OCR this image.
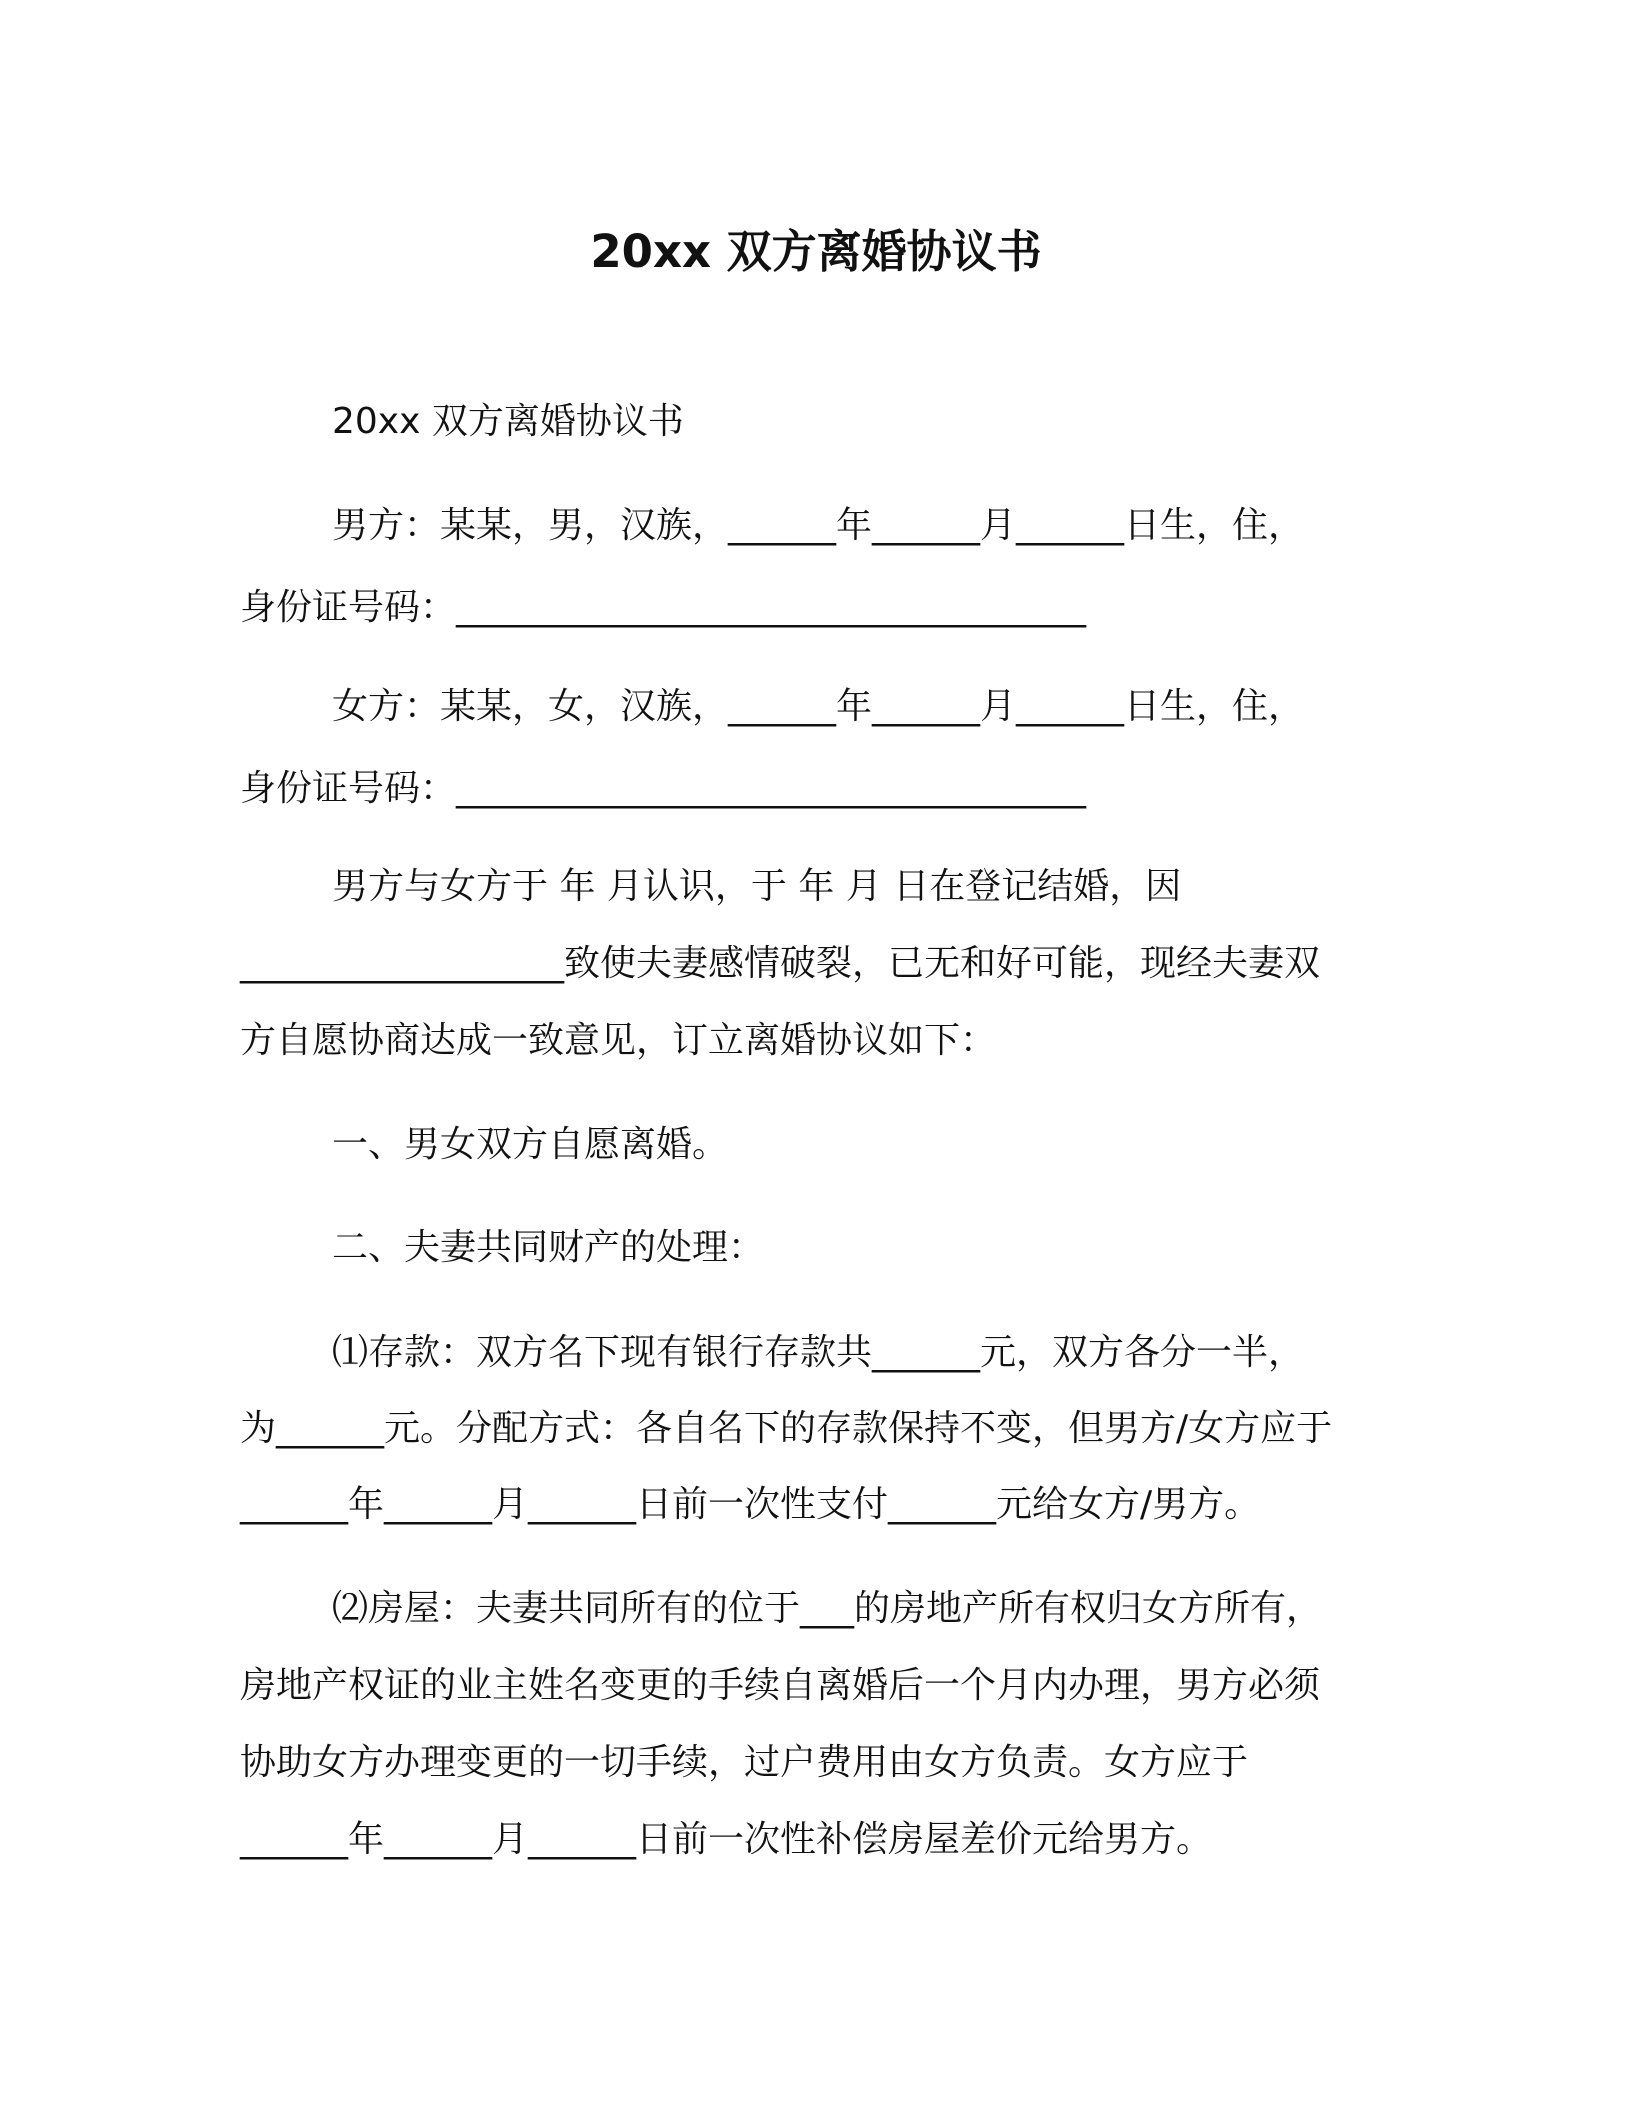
20xx 双方离婚协议书
20xx 双方离婚协议书
男方：某某，男，汉族，______年______月______日生，住，
身份证号码：___________________________________
女方：某某，女，汉族，______年______月______日生，住，
身份证号码：___________________________________
男方与女方于 年 月认识，于 年 月 日在登记结婚，因
__________________致使夫妻感情破裂，已无和好可能，现经夫妻双
方自愿协商达成一致意见，订立离婚协议如下：
一、男女双方自愿离婚。
二、夫妻共同财产的处理：
⑴存款：双方名下现有银行存款共______元，双方各分一半，
为______元。分配方式：各自名下的存款保持不变，但男方/女方应于
______年______月______日前一次性支付______元给女方/男方。
⑵房屋：夫妻共同所有的位于___的房地产所有权归女方所有，
房地产权证的业主姓名变更的手续自离婚后一个月内办理，男方必须
协助女方办理变更的一切手续，过户费用由女方负责。女方应于
______年______月______日前一次性补偿房屋差价元给男方。
